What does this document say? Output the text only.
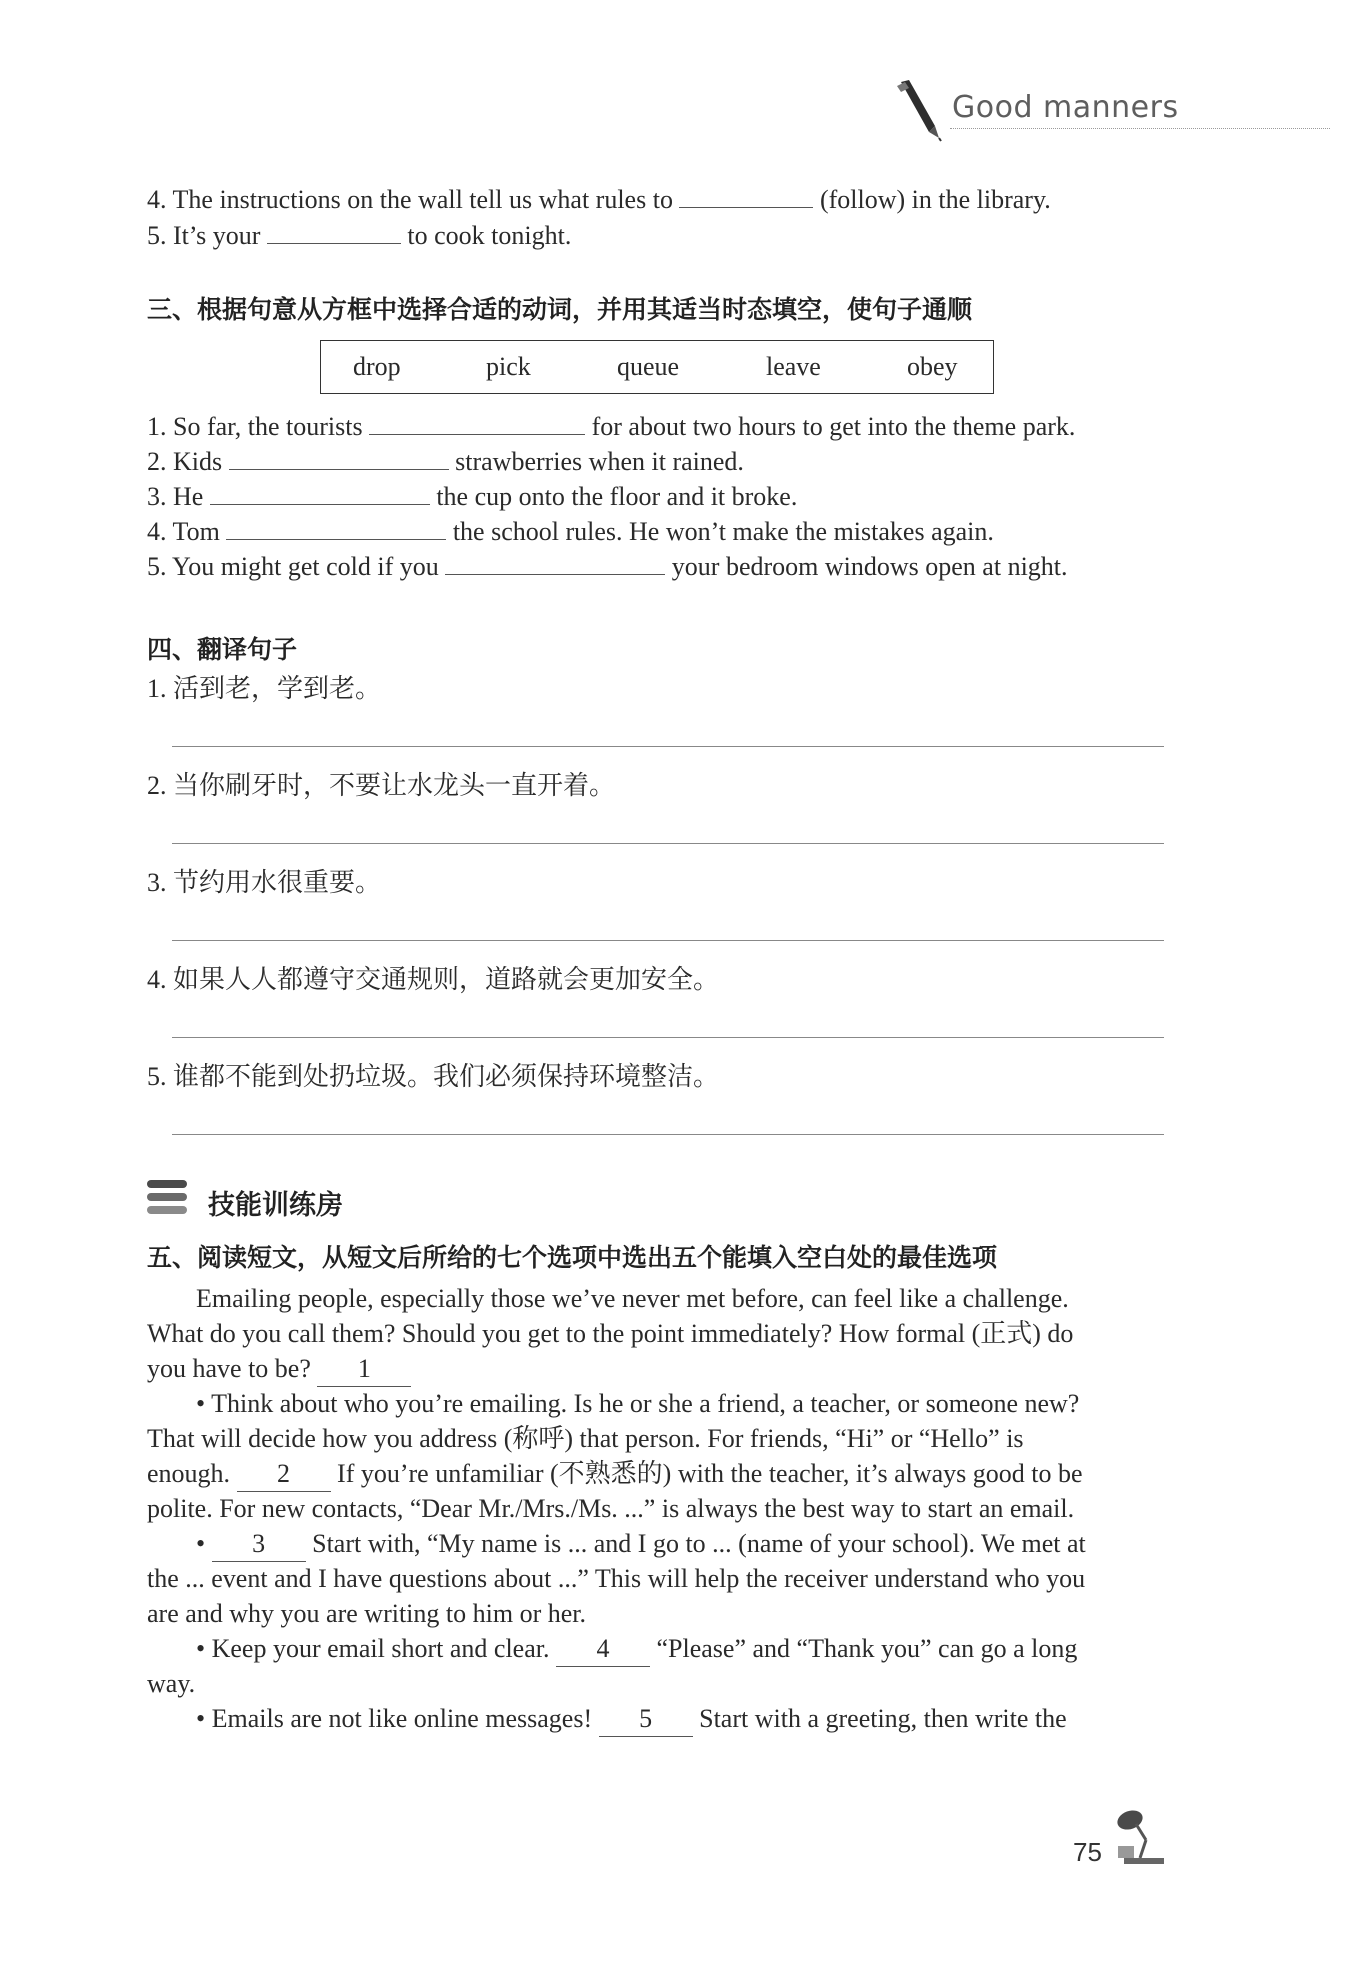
Good manners
4. The instructions on the wall tell us what rules to	(follow) in the library.
5. It’s your	to cook tonight.
三、根据句意从方框中选择合适的动词，并用其适当时态填空，使句子通顺
drop	pick	queue	leave	obey
1. So far, the tourists	for about two hours to get into the theme park.
2. Kids	strawberries when it rained.
3. He	the cup onto the floor and it broke.
4. Tom	the school rules. He won’t make the mistakes again.
5. You might get cold if you	your bedroom windows open at night.
四、翻译句子
1. 活到老，学到老。
2. 当你刷牙时，不要让水龙头一直开着。
3. 节约用水很重要。
4. 如果人人都遵守交通规则，道路就会更加安全。
5. 谁都不能到处扔垃圾。我们必须保持环境整洁。
技能训练房
五、阅读短文，从短文后所给的七个选项中选出五个能填入空白处的最佳选项
Emailing people, especially those we’ve never met before, can feel like a challenge.
What do you call them? Should you get to the point immediately? How formal (正式) do
you have to be? 1
• Think about who you’re emailing. Is he or she a friend, a teacher, or someone new?
That will decide how you address (称呼) that person. For friends, “Hi” or “Hello” is
enough. 2 If you’re unfamiliar (不熟悉的) with the teacher, it’s always good to be
polite. For new contacts, “Dear Mr./Mrs./Ms. ...” is always the best way to start an email.
• 3 Start with, “My name is ... and I go to ... (name of your school). We met at
the ... event and I have questions about ...” This will help the receiver understand who you
are and why you are writing to him or her.
• Keep your email short and clear. 4 “Please” and “Thank you” can go a long
way.
• Emails are not like online messages! 5 Start with a greeting, then write the
75
